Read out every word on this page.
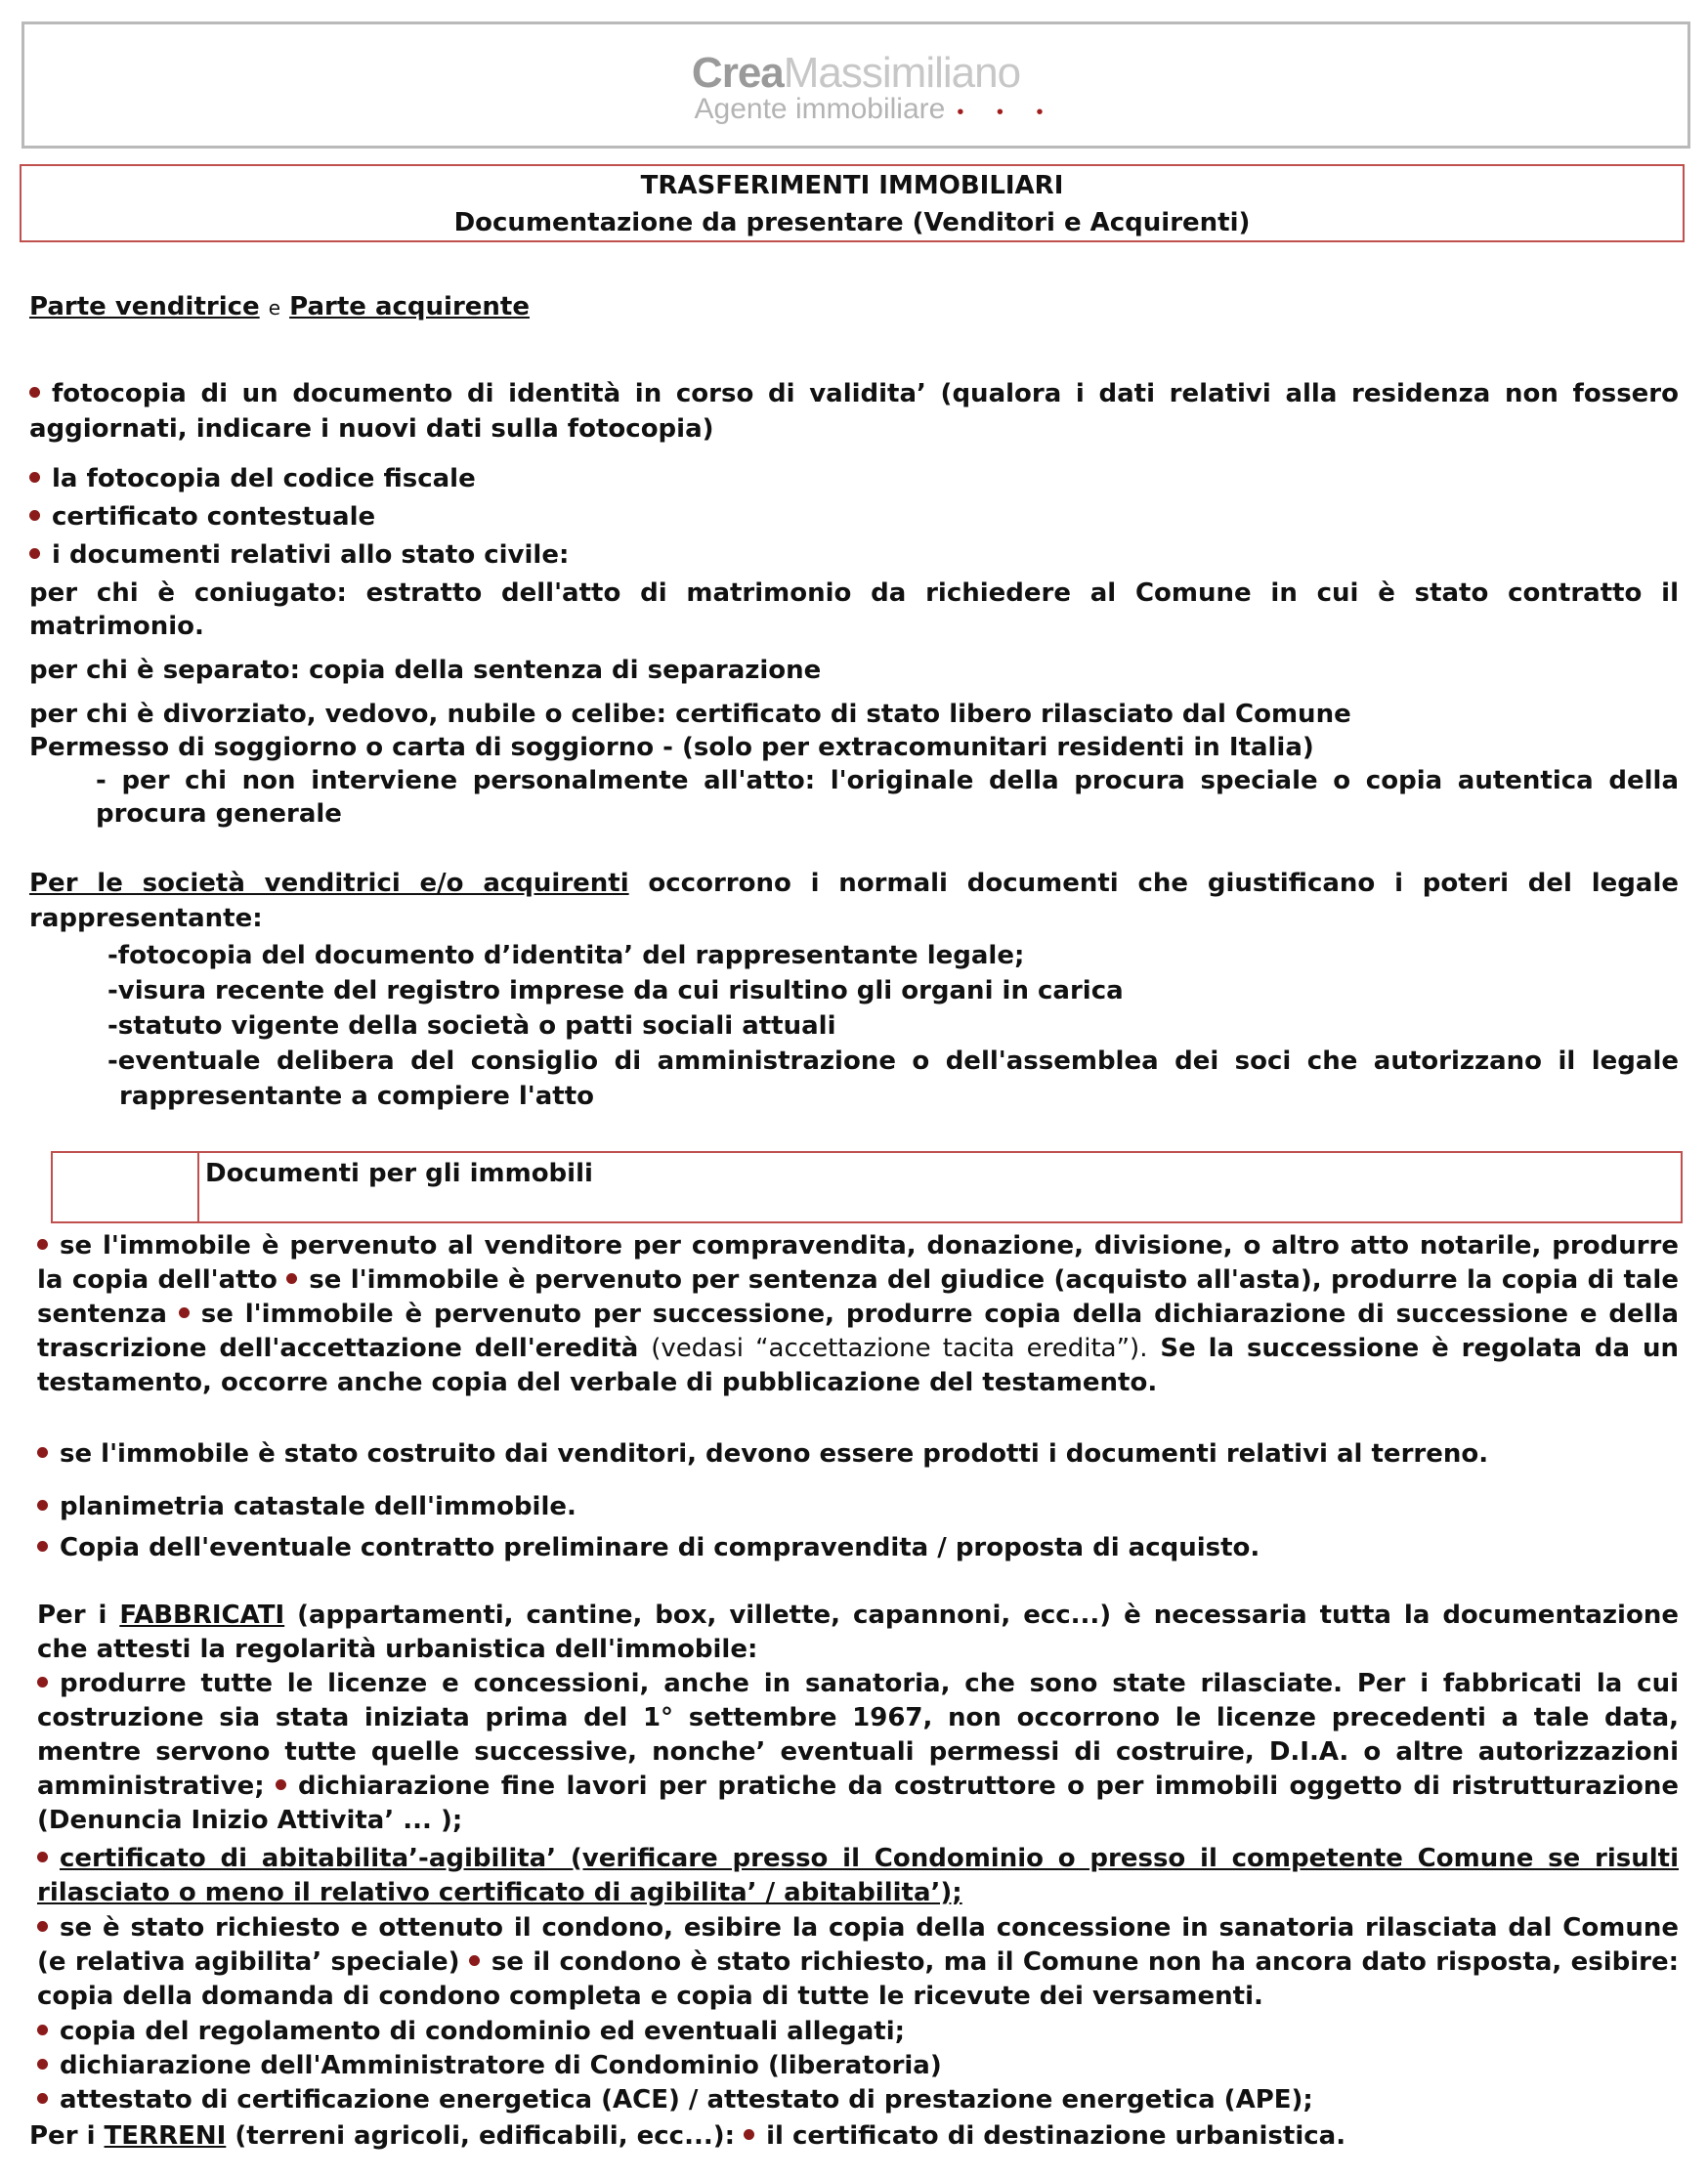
CreaMassimiliano
Agente immobiliare • • •
TRASFERIMENTI IMMOBILIARI
Documentazione da presentare (Venditori e Acquirenti)
Parte venditrice e Parte acquirente
fotocopia di un documento di identità in corso di validita’ (qualora i dati relativi alla residenza non fossero aggiornati, indicare i nuovi dati sulla fotocopia)
la fotocopia del codice fiscale
certificato contestuale
i documenti relativi allo stato civile:
per chi è coniugato: estratto dell'atto di matrimonio da richiedere al Comune in cui è stato contratto il matrimonio.
per chi è separato: copia della sentenza di separazione
per chi è divorziato, vedovo, nubile o celibe: certificato di stato libero rilasciato dal Comune
Permesso di soggiorno o carta di soggiorno - (solo per extracomunitari residenti in Italia)
- per chi non interviene personalmente all'atto: l'originale della procura speciale o copia autentica della procura generale
Per le società venditrici e/o acquirenti occorrono i normali documenti che giustificano i poteri del legale rappresentante:
-fotocopia del documento d’identita’ del rappresentante legale;
-visura recente del registro imprese da cui risultino gli organi in carica
-statuto vigente della società o patti sociali attuali
-eventuale delibera del consiglio di amministrazione o dell'assemblea dei soci che autorizzano il legale rappresentante a compiere l'atto
Documenti per gli immobili
se l'immobile è pervenuto al venditore per compravendita, donazione, divisione, o altro atto notarile, produrre la copia dell'atto se l'immobile è pervenuto per sentenza del giudice (acquisto all'asta), produrre la copia di tale sentenza se l'immobile è pervenuto per successione, produrre copia della dichiarazione di successione e della trascrizione dell'accettazione dell'eredità (vedasi “accettazione tacita eredita”). Se la successione è regolata da un testamento, occorre anche copia del verbale di pubblicazione del testamento.
se l'immobile è stato costruito dai venditori, devono essere prodotti i documenti relativi al terreno.
planimetria catastale dell'immobile.
Copia dell'eventuale contratto preliminare di compravendita / proposta di acquisto.
Per i FABBRICATI (appartamenti, cantine, box, villette, capannoni, ecc...) è necessaria tutta la documentazione che attesti la regolarità urbanistica dell'immobile:
produrre tutte le licenze e concessioni, anche in sanatoria, che sono state rilasciate. Per i fabbricati la cui costruzione sia stata iniziata prima del 1° settembre 1967, non occorrono le licenze precedenti a tale data, mentre servono tutte quelle successive, nonche’ eventuali permessi di costruire, D.I.A. o altre autorizzazioni amministrative; dichiarazione fine lavori per pratiche da costruttore o per immobili oggetto di ristrutturazione (Denuncia Inizio Attivita’ ... );
certificato di abitabilita’-agibilita’ (verificare presso il Condominio o presso il competente Comune se risulti rilasciato o meno il relativo certificato di agibilita’ / abitabilita’);
se è stato richiesto e ottenuto il condono, esibire la copia della concessione in sanatoria rilasciata dal Comune (e relativa agibilita’ speciale) se il condono è stato richiesto, ma il Comune non ha ancora dato risposta, esibire: copia della domanda di condono completa e copia di tutte le ricevute dei versamenti.
copia del regolamento di condominio ed eventuali allegati;
dichiarazione dell'Amministratore di Condominio (liberatoria)
attestato di certificazione energetica (ACE) / attestato di prestazione energetica (APE);
Per i TERRENI (terreni agricoli, edificabili, ecc...): il certificato di destinazione urbanistica.
